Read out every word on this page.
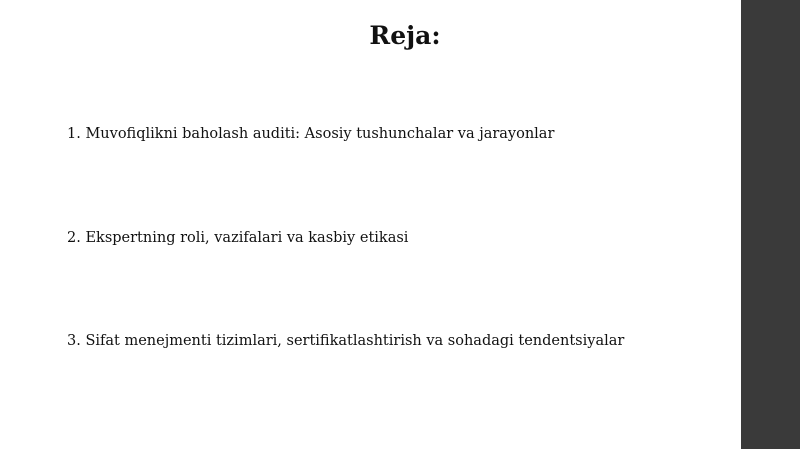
Reja:
1. Muvofiqlikni baholash auditi: Asosiy tushunchalar va jarayonlar
2. Ekspertning roli, vazifalari va kasbiy etikasi
3. Sifat menejmenti tizimlari, sertifikatlashtirish va sohadagi tendentsiyalar
